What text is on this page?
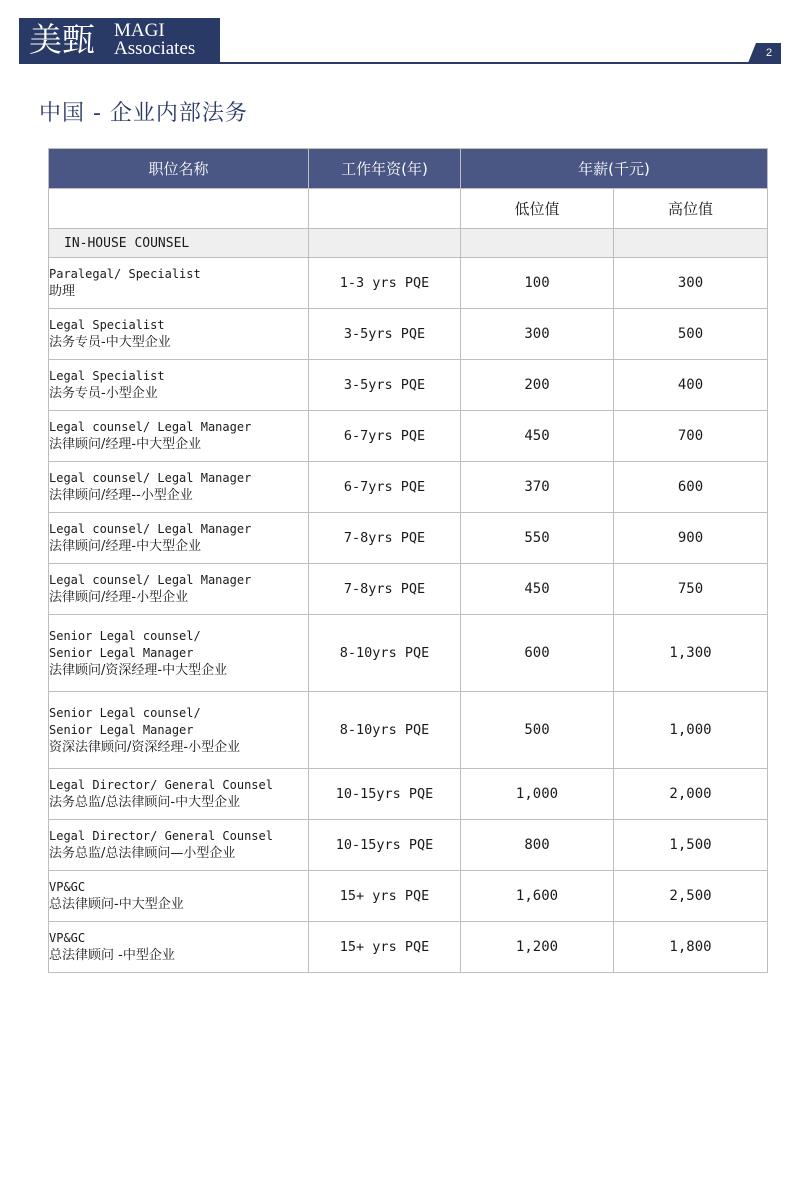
美甄 MAGI
Associates	2
中国 - 企业内部法务
职位名称	工作年资(年)	年薪(千元)	
		低位值	高位值

IN-HOUSE COUNSEL			

Paralegal/ Specialist
助理	1-3 yrs PQE	100	300

Legal Specialist
法务专员-中大型企业	3-5yrs PQE	300	500

Legal Specialist
法务专员-小型企业	3-5yrs PQE	200	400

Legal counsel/ Legal Manager
法律顾问/经理-中大型企业	6-7yrs PQE	450	700

Legal counsel/ Legal Manager
法律顾问/经理--小型企业	6-7yrs PQE	370	600

Legal counsel/ Legal Manager
法律顾问/经理-中大型企业	7-8yrs PQE	550	900

Legal counsel/ Legal Manager
法律顾问/经理-小型企业	7-8yrs PQE	450	750

Senior Legal counsel/
Senior Legal Manager
法律顾问/资深经理-中大型企业	8-10yrs PQE	600	1,300

Senior Legal counsel/
Senior Legal Manager
资深法律顾问/资深经理-小型企业	8-10yrs PQE	500	1,000

Legal Director/ General Counsel
法务总监/总法律顾问-中大型企业	10-15yrs PQE	1,000	2,000

Legal Director/ General Counsel
法务总监/总法律顾问—小型企业	10-15yrs PQE	800	1,500

VP&GC
总法律顾问-中大型企业	15+ yrs PQE	1,600	2,500

VP&GC
总法律顾问 -中型企业	15+ yrs PQE	1,200	1,800
